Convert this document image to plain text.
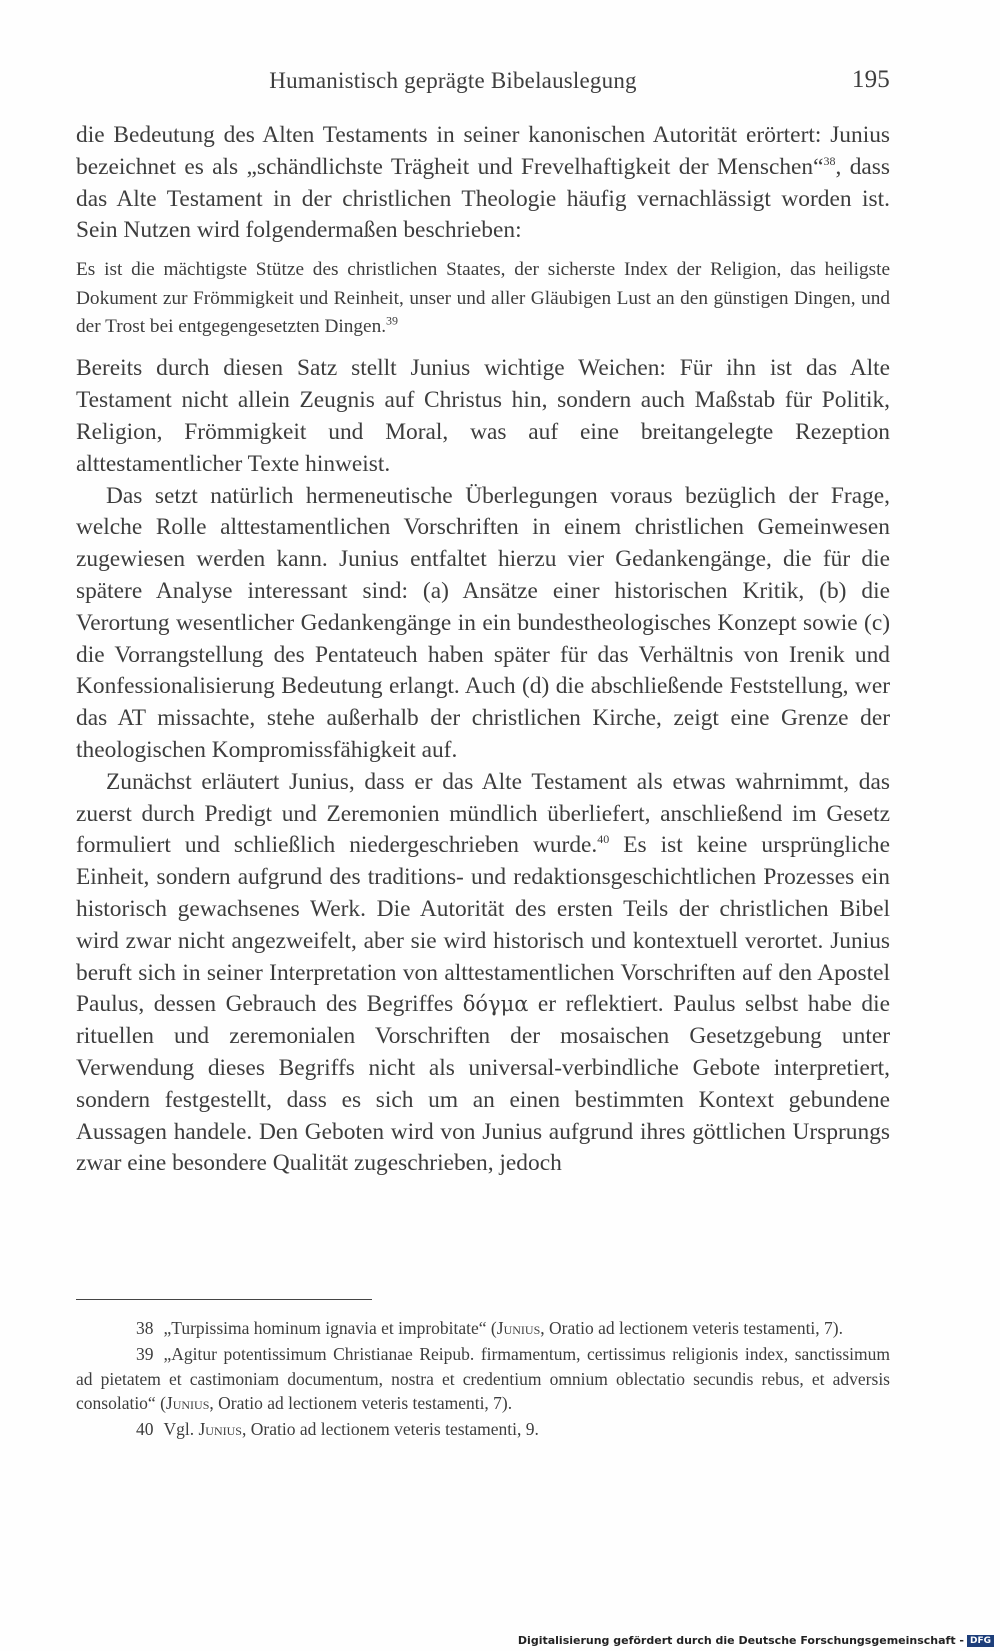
Humanistisch geprägte Bibelauslegung	195

die Bedeutung des Alten Testaments in seiner kanonischen Autorität erörtert: Junius bezeichnet es als „schändlichste Trägheit und Frevelhaftigkeit der Menschen“$^{38}$, dass das Alte Testament in der christlichen Theologie häufig vernachlässigt worden ist. Sein Nutzen wird folgendermaßen beschrieben:

Es ist die mächtigste Stütze des christlichen Staates, der sicherste Index der Religion, das heiligste Dokument zur Frömmigkeit und Reinheit, unser und aller Gläubigen Lust an den günstigen Dingen, und der Trost bei entgegengesetzten Dingen.$^{39}$

Bereits durch diesen Satz stellt Junius wichtige Weichen: Für ihn ist das Alte Testament nicht allein Zeugnis auf Christus hin, sondern auch Maßstab für Politik, Religion, Frömmigkeit und Moral, was auf eine breitangelegte Rezeption alttestamentlicher Texte hinweist.

Das setzt natürlich hermeneutische Überlegungen voraus bezüglich der Frage, welche Rolle alttestamentlichen Vorschriften in einem christlichen Gemeinwesen zugewiesen werden kann. Junius entfaltet hierzu vier Gedankengänge, die für die spätere Analyse interessant sind: (a) Ansätze einer historischen Kritik, (b) die Verortung wesentlicher Gedankengänge in ein bundestheologisches Konzept sowie (c) die Vorrangstellung des Pentateuch haben später für das Verhältnis von Irenik und Konfessionalisierung Bedeutung erlangt. Auch (d) die abschließende Feststellung, wer das AT missachte, stehe außerhalb der christlichen Kirche, zeigt eine Grenze der theologischen Kompromissfähigkeit auf.

Zunächst erläutert Junius, dass er das Alte Testament als etwas wahrnimmt, das zuerst durch Predigt und Zeremonien mündlich überliefert, anschließend im Gesetz formuliert und schließlich niedergeschrieben wurde.$^{40}$ Es ist keine ursprüngliche Einheit, sondern aufgrund des traditions- und redaktionsgeschichtlichen Prozesses ein historisch gewachsenes Werk. Die Autorität des ersten Teils der christlichen Bibel wird zwar nicht angezweifelt, aber sie wird historisch und kontextuell verortet. Junius beruft sich in seiner Interpretation von alttestamentlichen Vorschriften auf den Apostel Paulus, dessen Gebrauch des Begriffes δόγμα er reflektiert. Paulus selbst habe die rituellen und zeremonialen Vorschriften der mosaischen Gesetzgebung unter Verwendung dieses Begriffs nicht als universal-verbindliche Gebote interpretiert, sondern festgestellt, dass es sich um an einen bestimmten Kontext gebundene Aussagen handele. Den Geboten wird von Junius aufgrund ihres göttlichen Ursprungs zwar eine besondere Qualität zugeschrieben, jedoch

38 „Turpissima hominum ignavia et improbitate“ (Junius, Oratio ad lectionem veteris testamenti, 7).

39 „Agitur potentissimum Christianae Reipub. firmamentum, certissimus religionis index, sanctissimum ad pietatem et castimoniam documentum, nostra et credentium omnium oblectatio secundis rebus, et adversis consolatio“ (Junius, Oratio ad lectionem veteris testamenti, 7).

40 Vgl. Junius, Oratio ad lectionem veteris testamenti, 9.

Digitalisierung gefördert durch die Deutsche Forschungsgemeinschaft - DFG
